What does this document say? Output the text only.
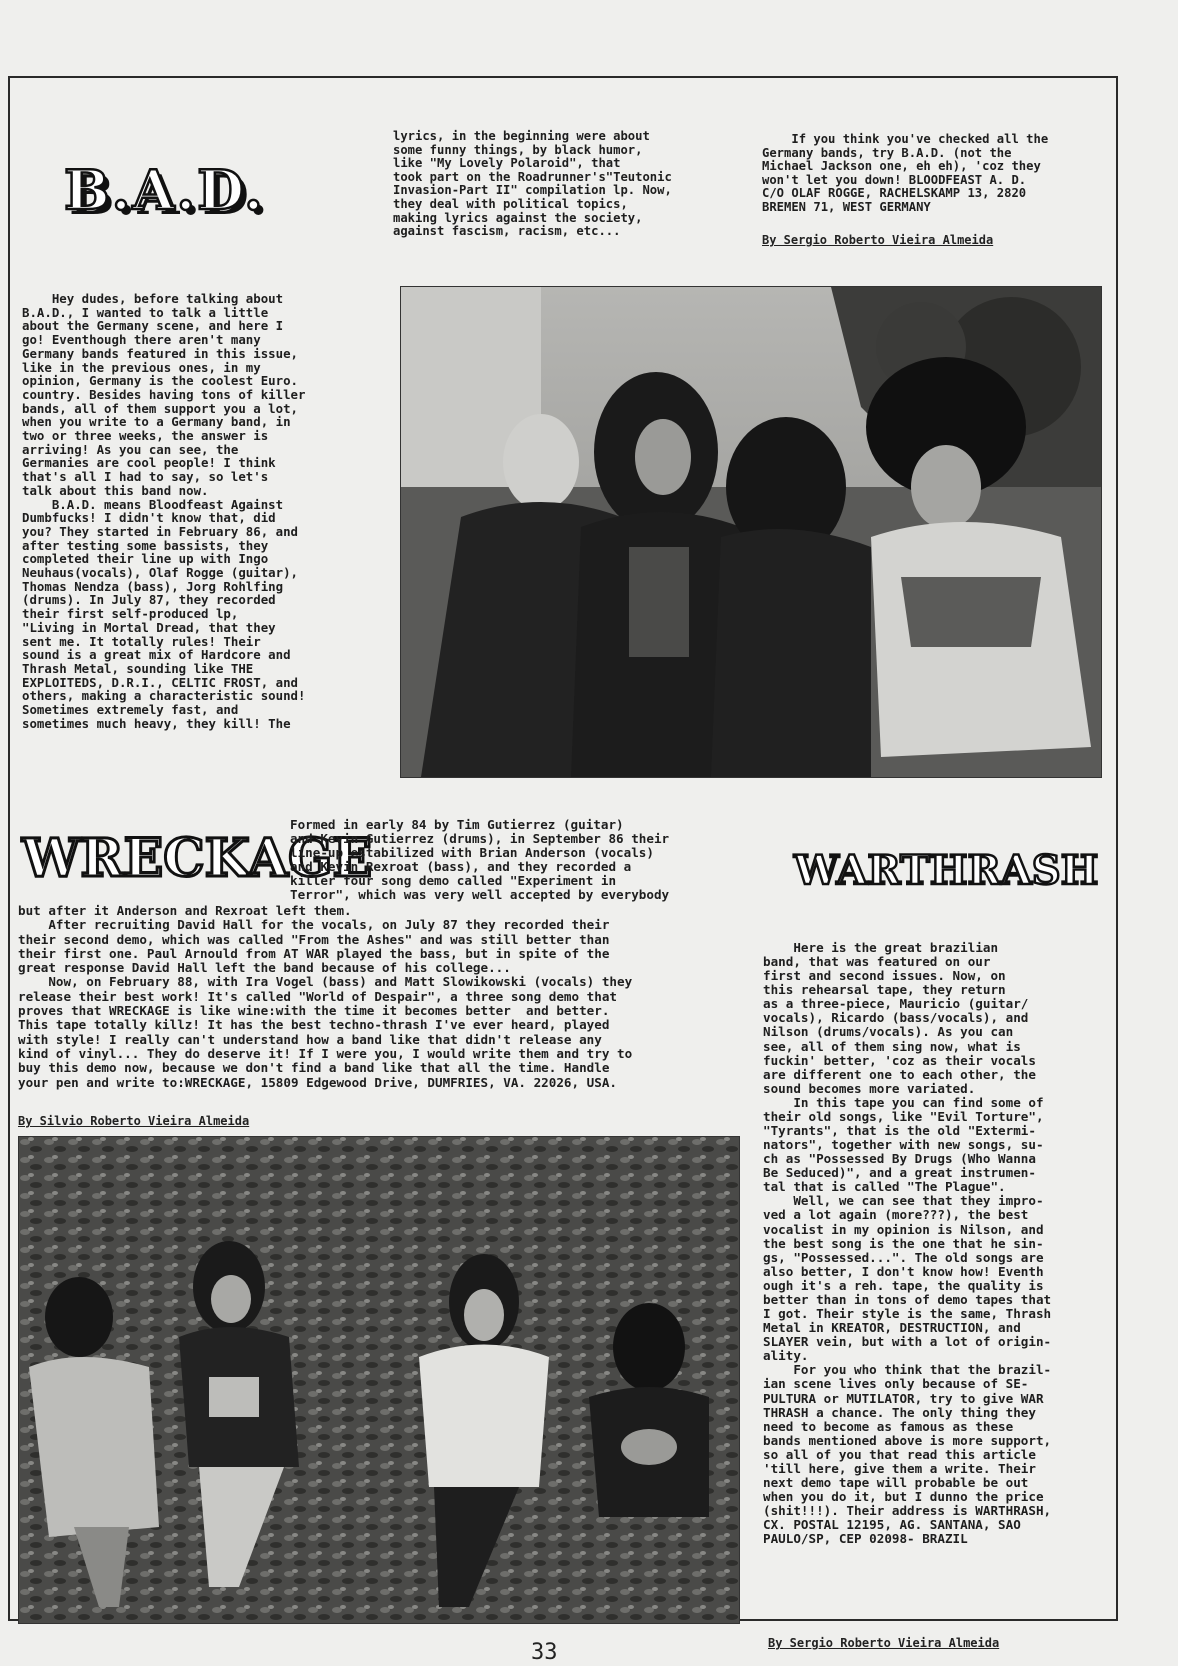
B.A.D.
Hey dudes, before talking about
B.A.D., I wanted to talk a little
about the Germany scene, and here I
go! Eventhough there aren't many
Germany bands featured in this issue,
like in the previous ones, in my
opinion, Germany is the coolest Euro.
country. Besides having tons of killer
bands, all of them support you a lot,
when you write to a Germany band, in
two or three weeks, the answer is
arriving! As you can see, the
Germanies are cool people! I think
that's all I had to say, so let's
talk about this band now.
B.A.D. means Bloodfeast Against
Dumbfucks! I didn't know that, did
you? They started in February 86, and
after testing some bassists, they
completed their line up with Ingo
Neuhaus(vocals), Olaf Rogge (guitar),
Thomas Nendza (bass), Jorg Rohlfing
(drums). In July 87, they recorded
their first self-produced lp,
"Living in Mortal Dread, that they
sent me. It totally rules! Their
sound is a great mix of Hardcore and
Thrash Metal, sounding like THE
EXPLOITEDS, D.R.I., CELTIC FROST, and
others, making a characteristic sound!
Sometimes extremely fast, and
sometimes much heavy, they kill! The
lyrics, in the beginning were about
some funny things, by black humor,
like "My Lovely Polaroid", that
took part on the Roadrunner's"Teutonic
Invasion-Part II" compilation lp. Now,
they deal with political topics,
making lyrics against the society,
against fascism, racism, etc...
If you think you've checked all the
Germany bands, try B.A.D. (not the
Michael Jackson one, eh eh), 'coz they
won't let you down! BLOODFEAST A. D.
C/O OLAF ROGGE, RACHELSKAMP 13, 2820
BREMEN 71, WEST GERMANY
By Sergio Roberto Vieira Almeida
WRECKAGE
Formed in early 84 by Tim Gutierrez (guitar)
and Kevin Gutierrez (drums), in September 86 their
line-up estabilized with Brian Anderson (vocals)
and Kevin Rexroat (bass), and they recorded a
killer four song demo called "Experiment in
Terror", which was very well accepted by everybody
but after it Anderson and Rexroat left them.
After recruiting David Hall for the vocals, on July 87 they recorded their
their second demo, which was called "From the Ashes" and was still better than
their first one. Paul Arnould from AT WAR played the bass, but in spite of the
great response David Hall left the band because of his college...
Now, on February 88, with Ira Vogel (bass) and Matt Slowikowski (vocals) they
release their best work! It's called "World of Despair", a three song demo that
proves that WRECKAGE is like wine:with the time it becomes better  and better.
This tape totally killz! It has the best techno-thrash I've ever heard, played
with style! I really can't understand how a band like that didn't release any
kind of vinyl... They do deserve it! If I were you, I would write them and try to
buy this demo now, because we don't find a band like that all the time. Handle
your pen and write to:WRECKAGE, 15809 Edgewood Drive, DUMFRIES, VA. 22026, USA.
By Silvio Roberto Vieira Almeida
WARTHRASH
Here is the great brazilian
band, that was featured on our
first and second issues. Now, on
this rehearsal tape, they return
as a three-piece, Mauricio (guitar/
vocals), Ricardo (bass/vocals), and
Nilson (drums/vocals). As you can
see, all of them sing now, what is
fuckin' better, 'coz as their vocals
are different one to each other, the
sound becomes more variated.
In this tape you can find some of
their old songs, like "Evil Torture",
"Tyrants", that is the old "Extermi-
nators", together with new songs, su-
ch as "Possessed By Drugs (Who Wanna
Be Seduced)", and a great instrumen-
tal that is called "The Plague".
Well, we can see that they impro-
ved a lot again (more???), the best
vocalist in my opinion is Nilson, and
the best song is the one that he sin-
gs, "Possessed...". The old songs are
also better, I don't know how! Eventh
ough it's a reh. tape, the quality is
better than in tons of demo tapes that
I got. Their style is the same, Thrash
Metal in KREATOR, DESTRUCTION, and
SLAYER vein, but with a lot of origin-
ality.
For you who think that the brazil-
ian scene lives only because of SE-
PULTURA or MUTILATOR, try to give WAR
THRASH a chance. The only thing they
need to become as famous as these
bands mentioned above is more support,
so all of you that read this article
'till here, give them a write. Their
next demo tape will probable be out
when you do it, but I dunno the price
(shit!!!). Their address is WARTHRASH,
CX. POSTAL 12195, AG. SANTANA, SAO
PAULO/SP, CEP 02098- BRAZIL
By Sergio Roberto Vieira Almeida
33
